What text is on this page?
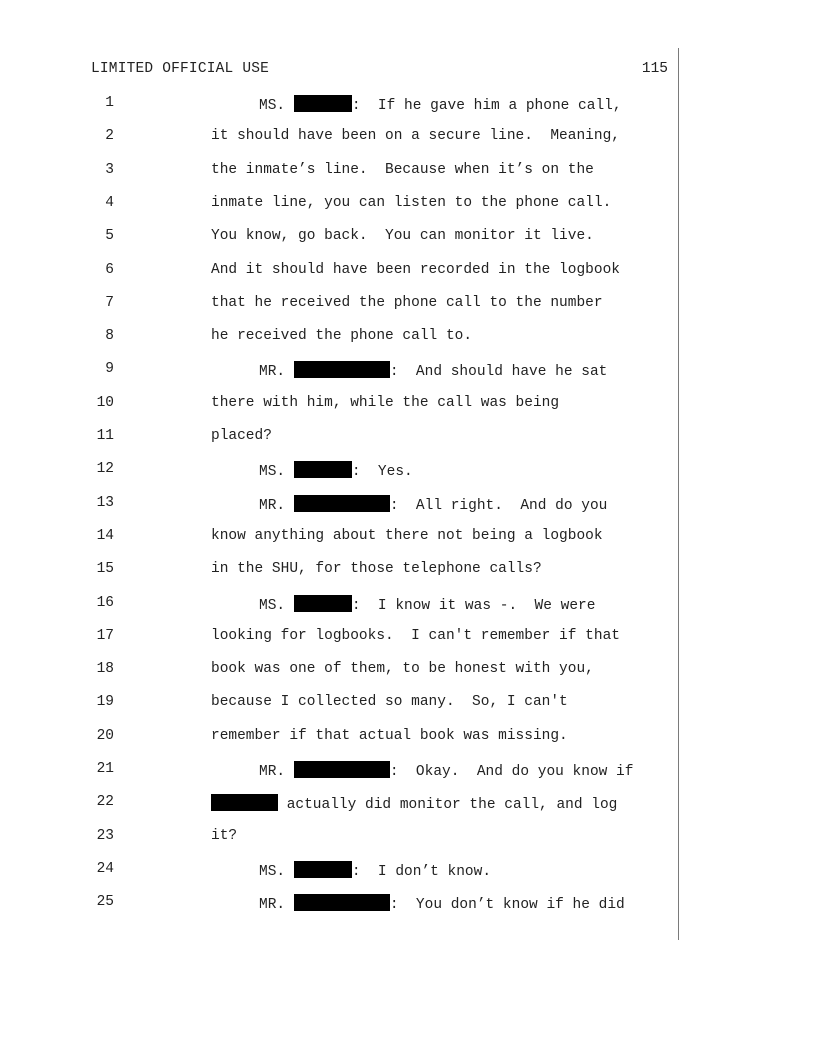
LIMITED OFFICIAL USE	115
1	MS.	:  If he gave him a phone call,
2	it should have been on a secure line.  Meaning,
3	the inmate’s line.  Because when it’s on the
4	inmate line, you can listen to the phone call.
5	You know, go back.  You can monitor it live.
6	And it should have been recorded in the logbook
7	that he received the phone call to the number
8	he received the phone call to.
9	MR.	:  And should have he sat
10	there with him, while the call was being
11	placed?
12	MS.	:  Yes.
13	MR.	:  All right.  And do you
14	know anything about there not being a logbook
15	in the SHU, for those telephone calls?
16	MS.	:  I know it was -.  We were
17	looking for logbooks.  I can't remember if that
18	book was one of them, to be honest with you,
19	because I collected so many.  So, I can't
20	remember if that actual book was missing.
21	MR.	:  Okay.  And do you know if
22	actually did monitor the call, and log
23	it?
24	MS.	:  I don’t know.
25	MR.	:  You don’t know if he did
